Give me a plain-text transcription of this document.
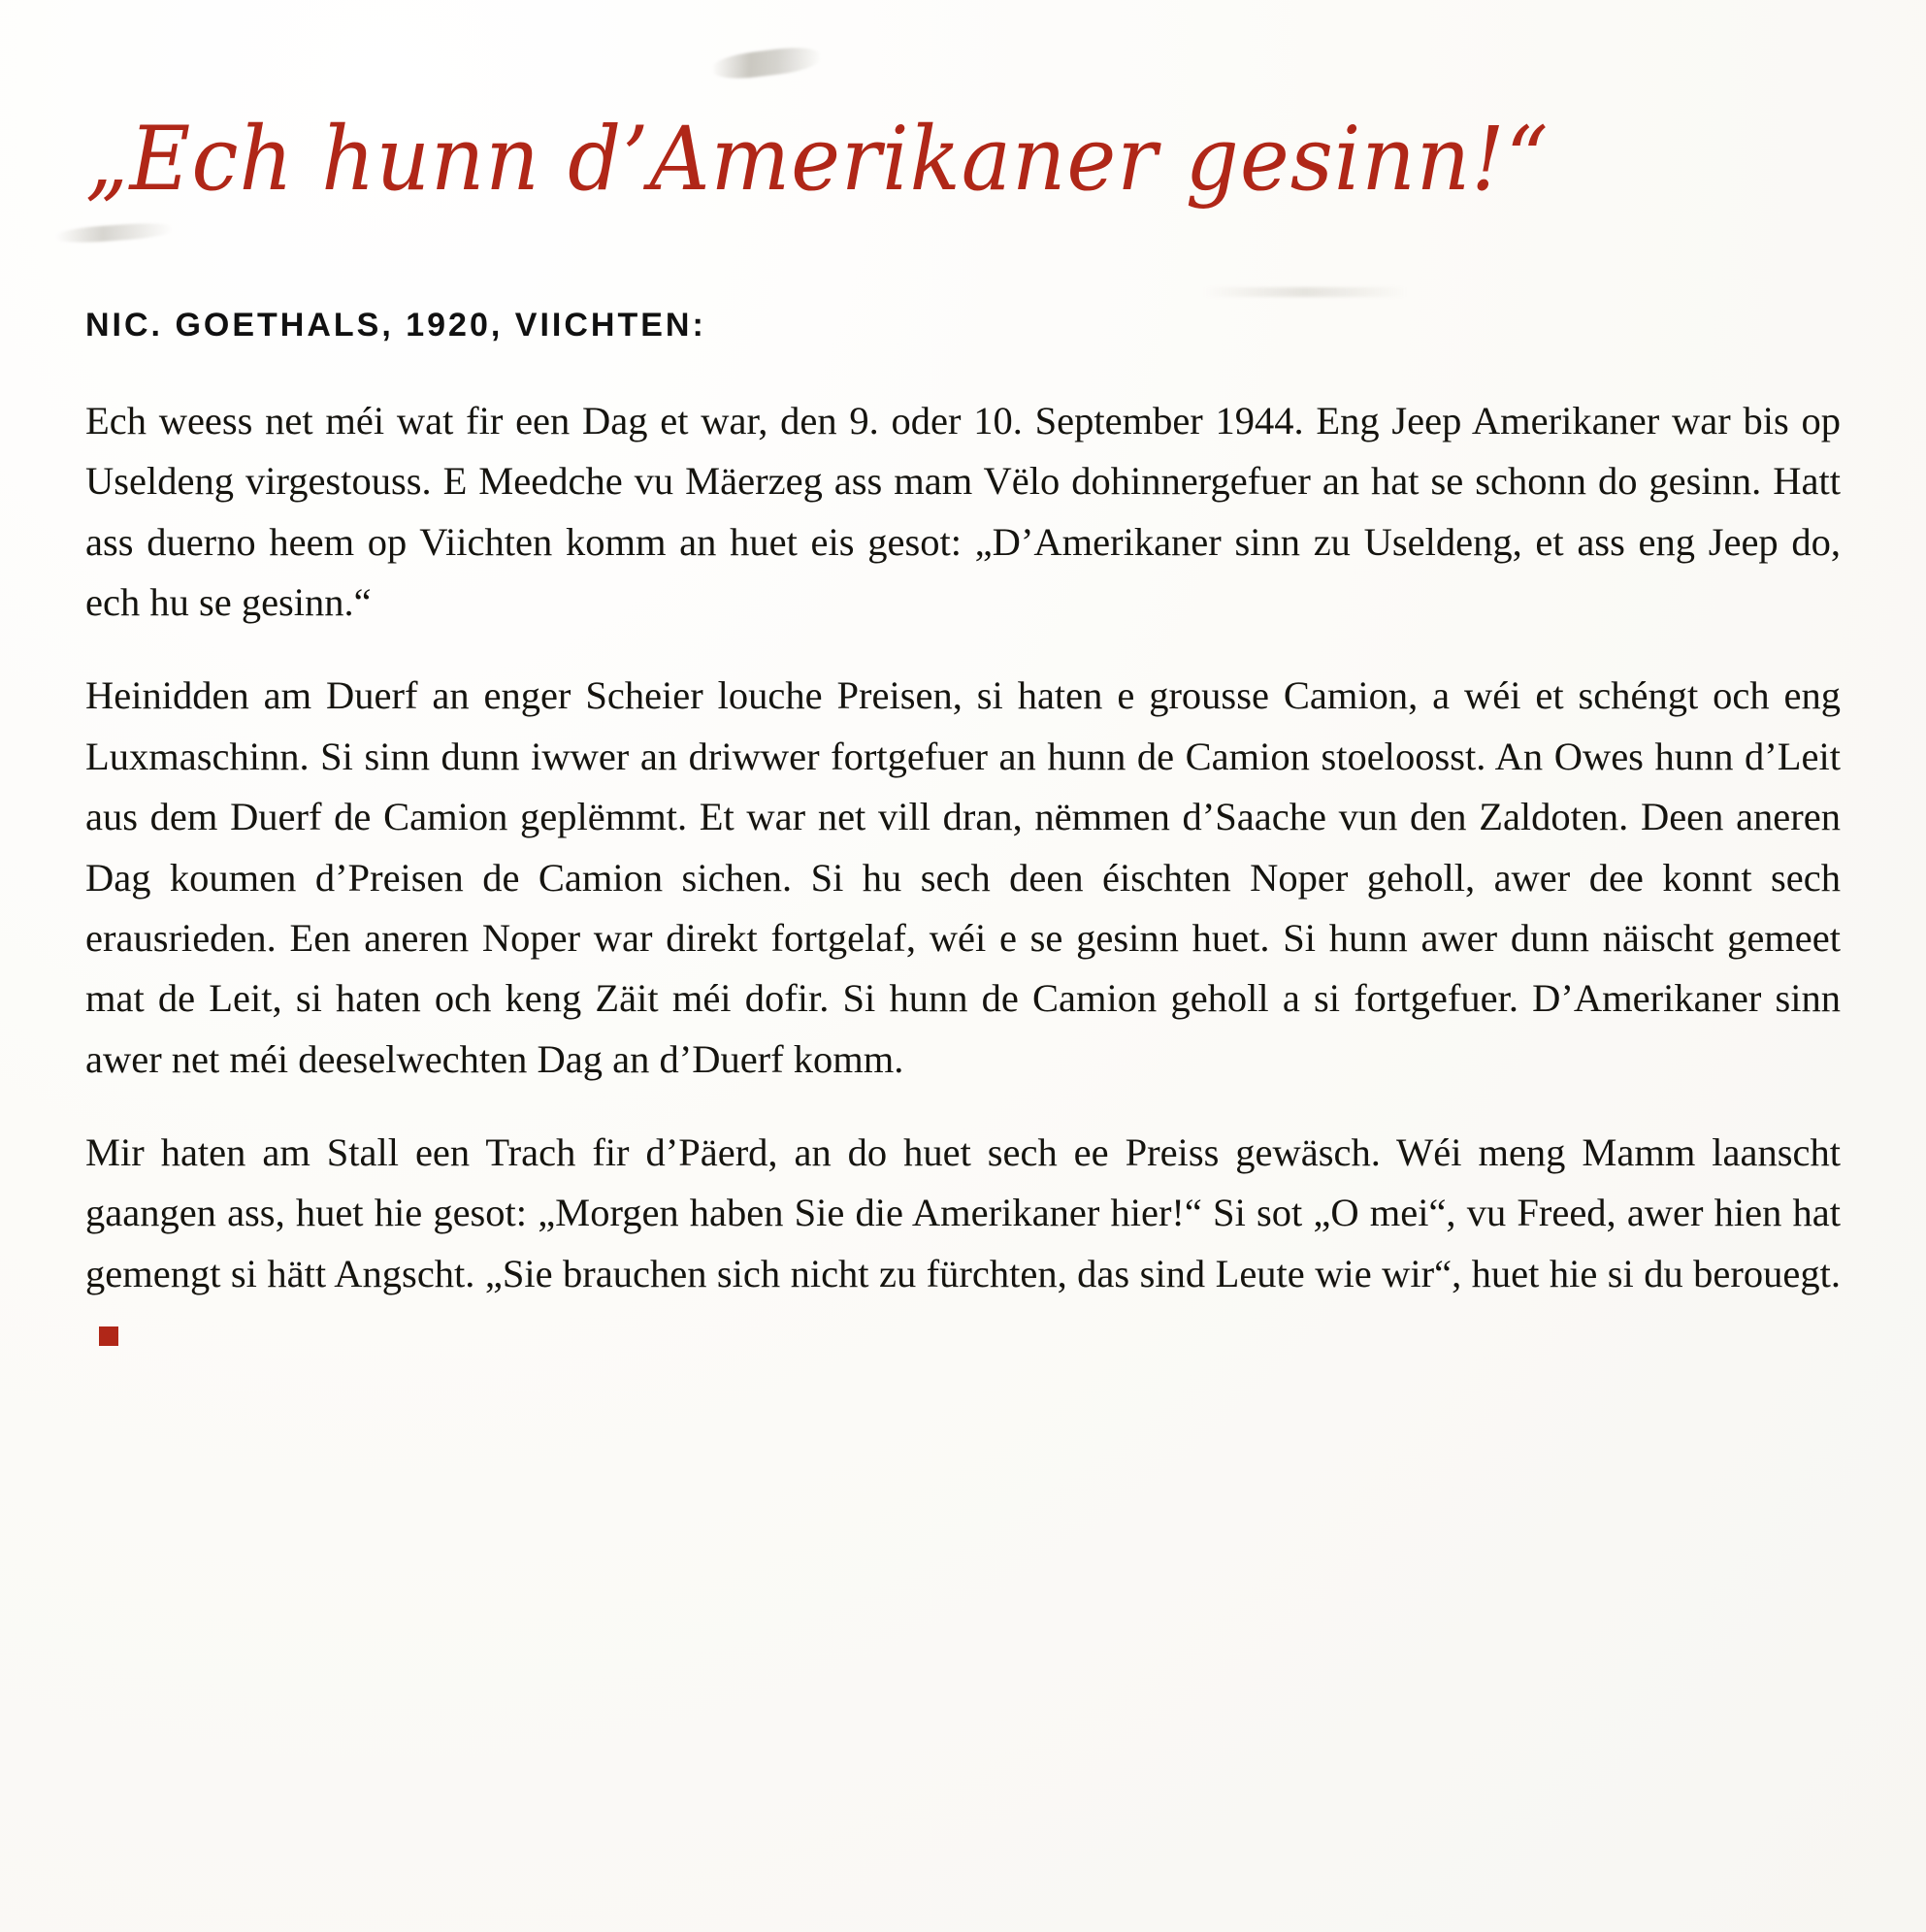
„Ech hunn d’Amerikaner gesinn!“
NIC. GOETHALS, 1920, VIICHTEN:

Ech weess net méi wat fir een Dag et war, den 9. oder 10. September 1944. Eng Jeep Amerikaner war bis op Useldeng virgestouss. E Meedche vu Mäerzeg ass mam Vëlo dohinnergefuer an hat se schonn do gesinn. Hatt ass duerno heem op Viichten komm an huet eis gesot: „D’Amerikaner sinn zu Useldeng, et ass eng Jeep do, ech hu se gesinn.“

Heinidden am Duerf an enger Scheier louche Preisen, si haten e grousse Camion, a wéi et schéngt och eng Luxmaschinn. Si sinn dunn iwwer an driwwer fortgefuer an hunn de Camion stoeloosst. An Owes hunn d’Leit aus dem Duerf de Camion geplëmmt. Et war net vill dran, nëmmen d’Saache vun den Zaldoten. Deen aneren Dag koumen d’Preisen de Camion sichen. Si hu sech deen éischten Noper geholl, awer dee konnt sech erausrieden. Een aneren Noper war direkt fortgelaf, wéi e se gesinn huet. Si hunn awer dunn näischt gemeet mat de Leit, si haten och keng Zäit méi dofir. Si hunn de Camion geholl a si fortgefuer. D’Amerikaner sinn awer net méi deeselwechten Dag an d’Duerf komm.

Mir haten am Stall een Trach fir d’Päerd, an do huet sech ee Preiss gewäsch. Wéi meng Mamm laanscht gaangen ass, huet hie gesot: „Morgen haben Sie die Amerikaner hier!“ Si sot „O mei“, vu Freed, awer hien hat gemengt si hätt Angscht. „Sie brauchen sich nicht zu fürchten, das sind Leute wie wir“, huet hie si du berouegt.
